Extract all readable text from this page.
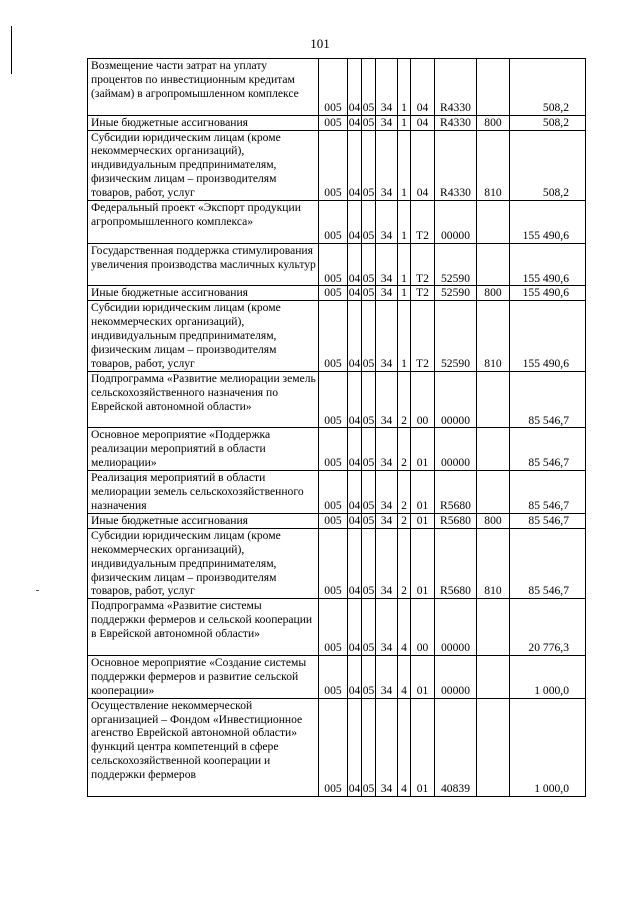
101
Возмещение части затрат на уплату процентов по инвестиционным кредитам (займам) в агропромышленном комплексе	005	04	05	34	1	04	R4330		508,2
Иные бюджетные ассигнования	005	04	05	34	1	04	R4330	800	508,2
Субсидии юридическим лицам (кроме некоммерческих организаций), индивидуальным предпринимателям, физическим лицам – производителям товаров, работ, услуг	005	04	05	34	1	04	R4330	810	508,2
Федеральный проект «Экспорт продукции агропромышленного комплекса»	005	04	05	34	1	T2	00000		155 490,6
Государственная поддержка стимулирования увеличения производства масличных культур	005	04	05	34	1	T2	52590		155 490,6
Иные бюджетные ассигнования	005	04	05	34	1	T2	52590	800	155 490,6
Субсидии юридическим лицам (кроме некоммерческих организаций), индивидуальным предпринимателям, физическим лицам – производителям товаров, работ, услуг	005	04	05	34	1	T2	52590	810	155 490,6
Подпрограмма «Развитие мелиорации земель сельскохозяйственного назначения по Еврейской автономной области»	005	04	05	34	2	00	00000		85 546,7
Основное мероприятие «Поддержка реализации мероприятий в области мелиорации»	005	04	05	34	2	01	00000		85 546,7
Реализация мероприятий в области мелиорации земель сельскохозяйственного назначения	005	04	05	34	2	01	R5680		85 546,7
Иные бюджетные ассигнования	005	04	05	34	2	01	R5680	800	85 546,7
Субсидии юридическим лицам (кроме некоммерческих организаций), индивидуальным предпринимателям, физическим лицам – производителям товаров, работ, услуг	005	04	05	34	2	01	R5680	810	85 546,7
Подпрограмма «Развитие системы поддержки фермеров и сельской кооперации в Еврейской автономной области»	005	04	05	34	4	00	00000		20 776,3
Основное мероприятие «Создание системы поддержки фермеров и развитие сельской кооперации»	005	04	05	34	4	01	00000		1 000,0
Осуществление некоммерческой организацией – Фондом «Инвестиционное агенство Еврейской автономной области» функций центра компетенций в сфере сельскохозяйственной кооперации и поддержки фермеров	005	04	05	34	4	01	40839		1 000,0
